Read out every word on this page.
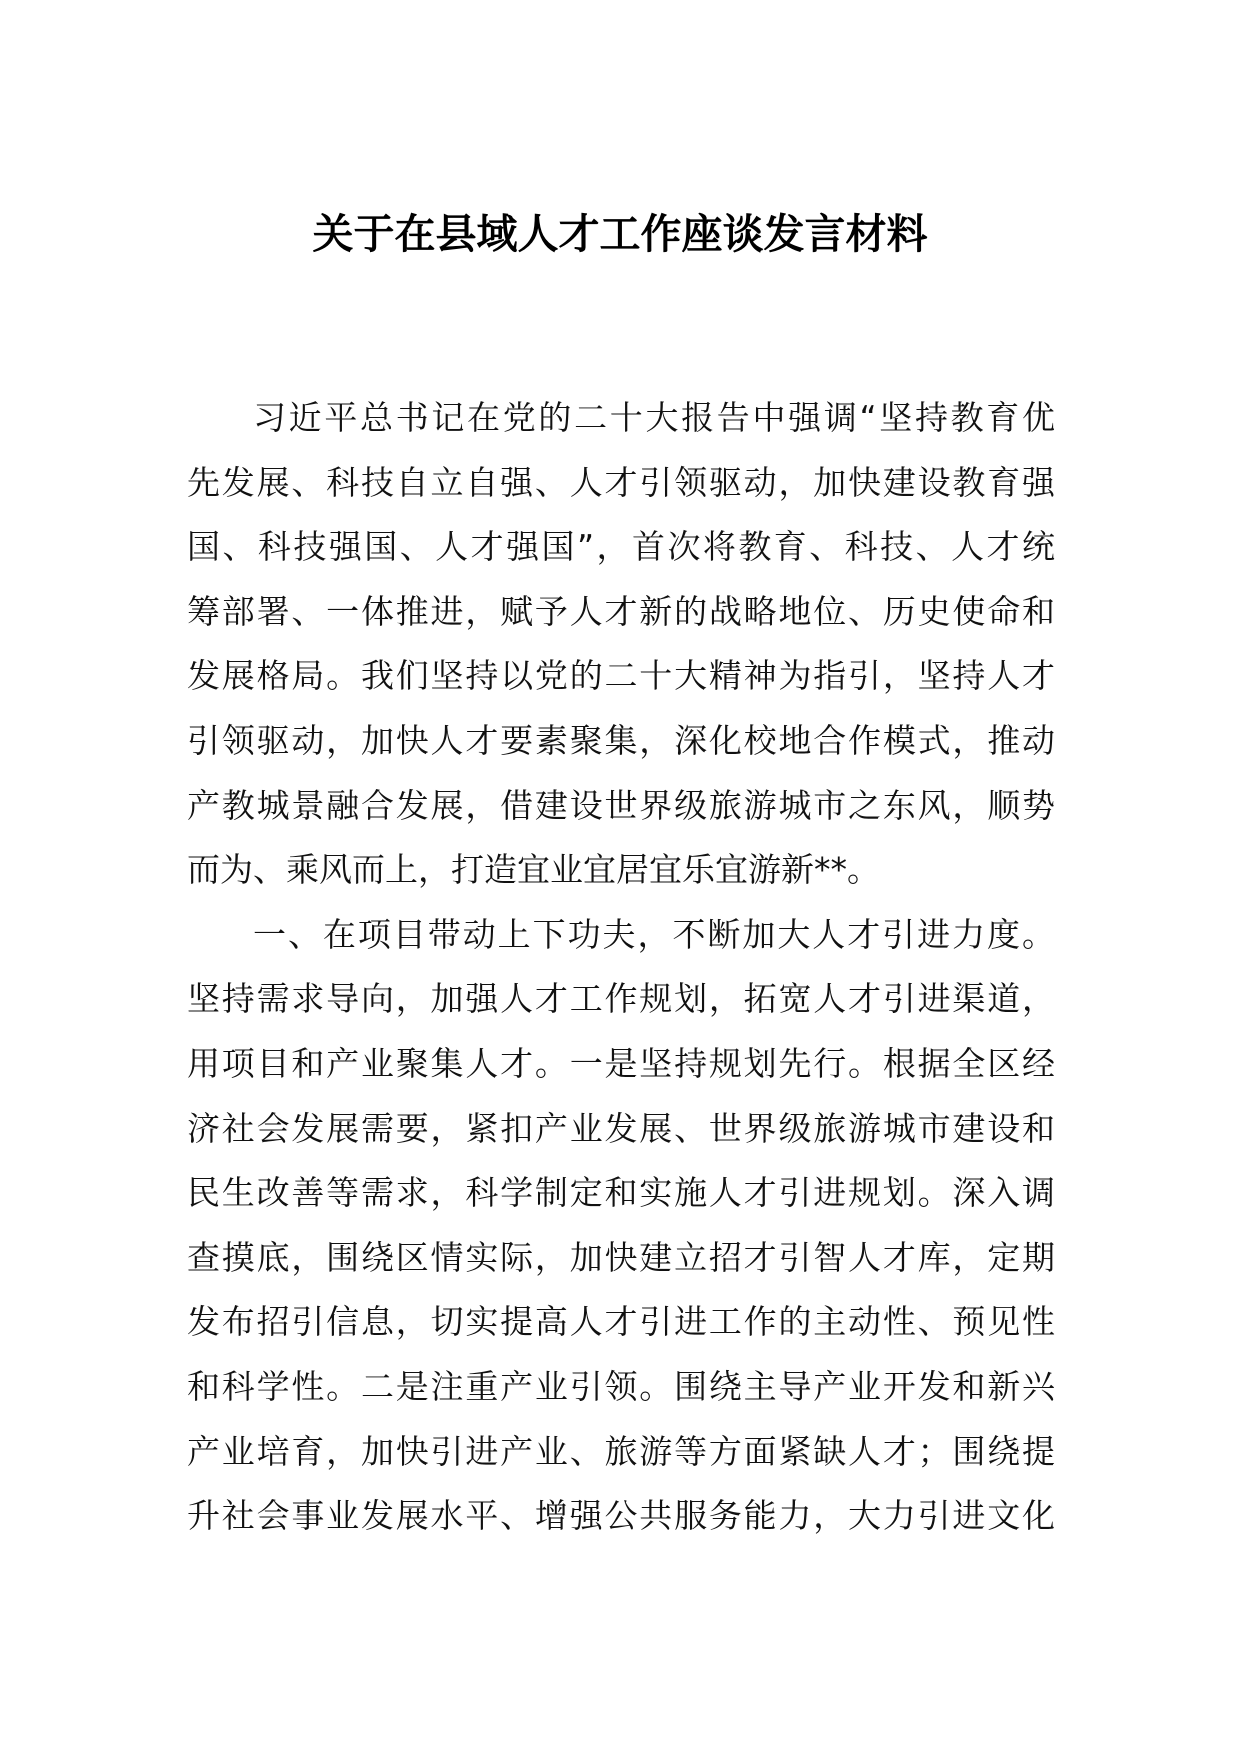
关于在县域人才工作座谈发言材料
习近平总书记在党的二十大报告中强调“坚持教育优
先发展、科技自立自强、人才引领驱动，加快建设教育强
国、科技强国、人才强国”，首次将教育、科技、人才统
筹部署、一体推进，赋予人才新的战略地位、历史使命和
发展格局。我们坚持以党的二十大精神为指引，坚持人才
引领驱动，加快人才要素聚集，深化校地合作模式，推动
产教城景融合发展，借建设世界级旅游城市之东风，顺势
而为、乘风而上，打造宜业宜居宜乐宜游新**。
一、在项目带动上下功夫，不断加大人才引进力度。
坚持需求导向，加强人才工作规划，拓宽人才引进渠道，
用项目和产业聚集人才。一是坚持规划先行。根据全区经
济社会发展需要，紧扣产业发展、世界级旅游城市建设和
民生改善等需求，科学制定和实施人才引进规划。深入调
查摸底，围绕区情实际，加快建立招才引智人才库，定期
发布招引信息，切实提高人才引进工作的主动性、预见性
和科学性。二是注重产业引领。围绕主导产业开发和新兴
产业培育，加快引进产业、旅游等方面紧缺人才；围绕提
升社会事业发展水平、增强公共服务能力，大力引进文化
